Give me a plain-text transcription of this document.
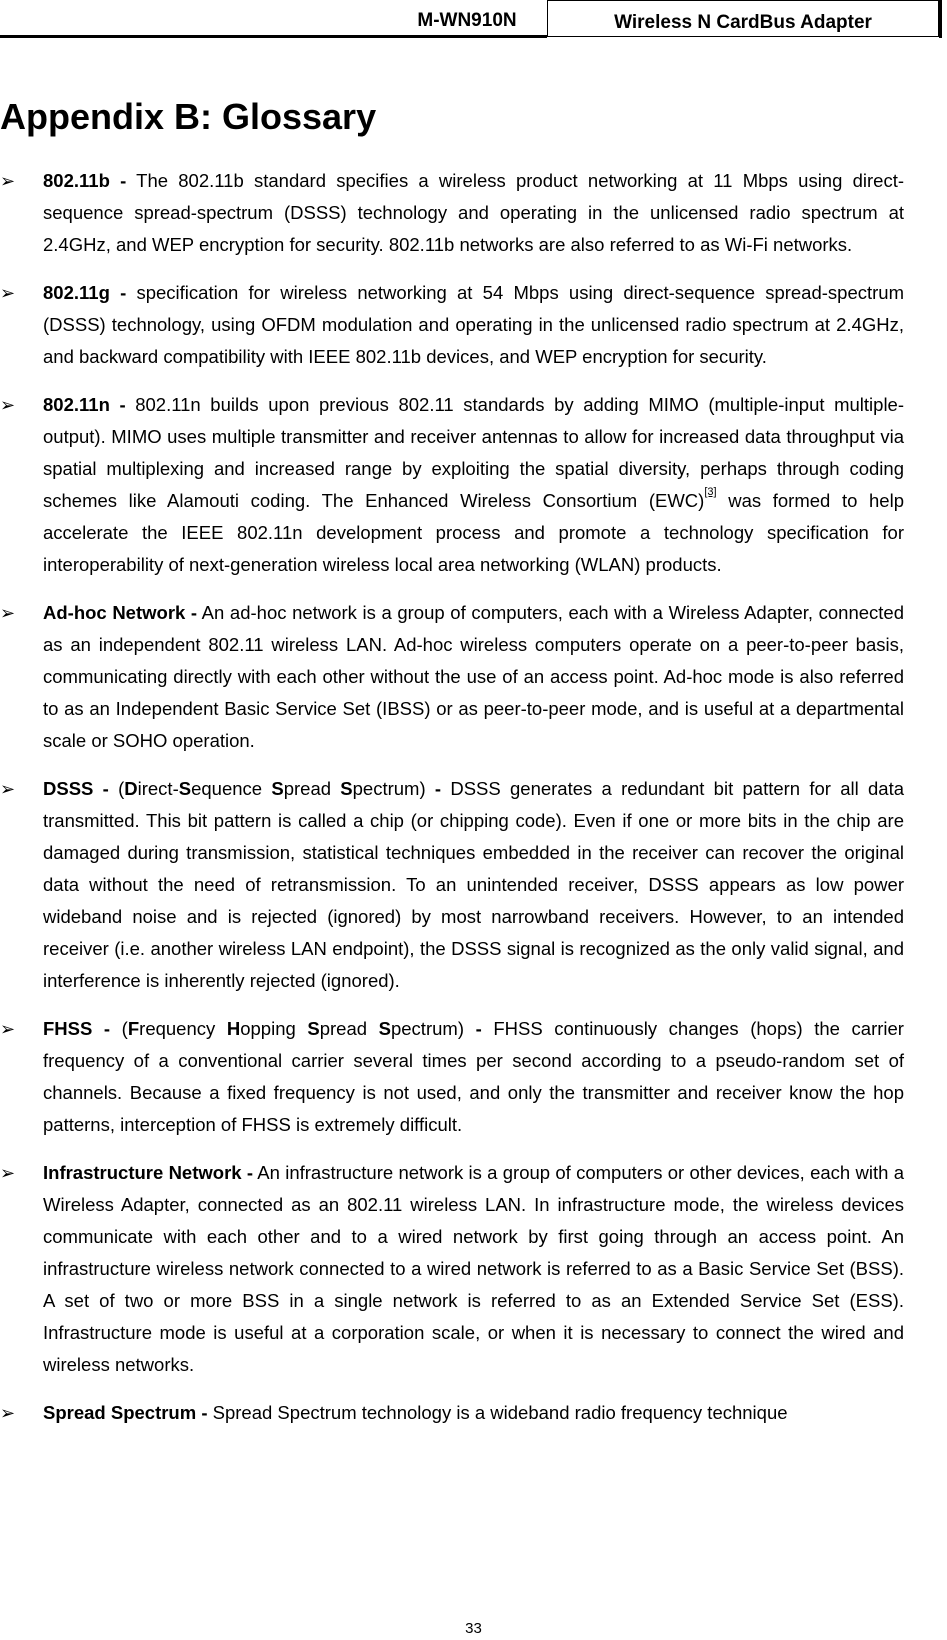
M-WN910N	Wireless N CardBus Adapter
Appendix B: Glossary
➢ 802.11b - The 802.11b standard specifies a wireless product networking at 11 Mbps using direct-sequence spread-spectrum (DSSS) technology and operating in the unlicensed radio spectrum at 2.4GHz, and WEP encryption for security. 802.11b networks are also referred to as Wi-Fi networks.
➢ 802.11g - specification for wireless networking at 54 Mbps using direct-sequence spread-spectrum (DSSS) technology, using OFDM modulation and operating in the unlicensed radio spectrum at 2.4GHz, and backward compatibility with IEEE 802.11b devices, and WEP encryption for security.
➢ 802.11n - 802.11n builds upon previous 802.11 standards by adding MIMO (multiple-input multiple-output). MIMO uses multiple transmitter and receiver antennas to allow for increased data throughput via spatial multiplexing and increased range by exploiting the spatial diversity, perhaps through coding schemes like Alamouti coding. The Enhanced Wireless Consortium (EWC)[3] was formed to help accelerate the IEEE 802.11n development process and promote a technology specification for interoperability of next-generation wireless local area networking (WLAN) products.
➢ Ad-hoc Network - An ad-hoc network is a group of computers, each with a Wireless Adapter, connected as an independent 802.11 wireless LAN. Ad-hoc wireless computers operate on a peer-to-peer basis, communicating directly with each other without the use of an access point. Ad-hoc mode is also referred to as an Independent Basic Service Set (IBSS) or as peer-to-peer mode, and is useful at a departmental scale or SOHO operation.
➢ DSSS - (Direct-Sequence Spread Spectrum) - DSSS generates a redundant bit pattern for all data transmitted. This bit pattern is called a chip (or chipping code). Even if one or more bits in the chip are damaged during transmission, statistical techniques embedded in the receiver can recover the original data without the need of retransmission. To an unintended receiver, DSSS appears as low power wideband noise and is rejected (ignored) by most narrowband receivers. However, to an intended receiver (i.e. another wireless LAN endpoint), the DSSS signal is recognized as the only valid signal, and interference is inherently rejected (ignored).
➢ FHSS - (Frequency Hopping Spread Spectrum) - FHSS continuously changes (hops) the carrier frequency of a conventional carrier several times per second according to a pseudo-random set of channels. Because a fixed frequency is not used, and only the transmitter and receiver know the hop patterns, interception of FHSS is extremely difficult.
➢ Infrastructure Network - An infrastructure network is a group of computers or other devices, each with a Wireless Adapter, connected as an 802.11 wireless LAN. In infrastructure mode, the wireless devices communicate with each other and to a wired network by first going through an access point. An infrastructure wireless network connected to a wired network is referred to as a Basic Service Set (BSS). A set of two or more BSS in a single network is referred to as an Extended Service Set (ESS). Infrastructure mode is useful at a corporation scale, or when it is necessary to connect the wired and wireless networks.
➢ Spread Spectrum - Spread Spectrum technology is a wideband radio frequency technique
33
